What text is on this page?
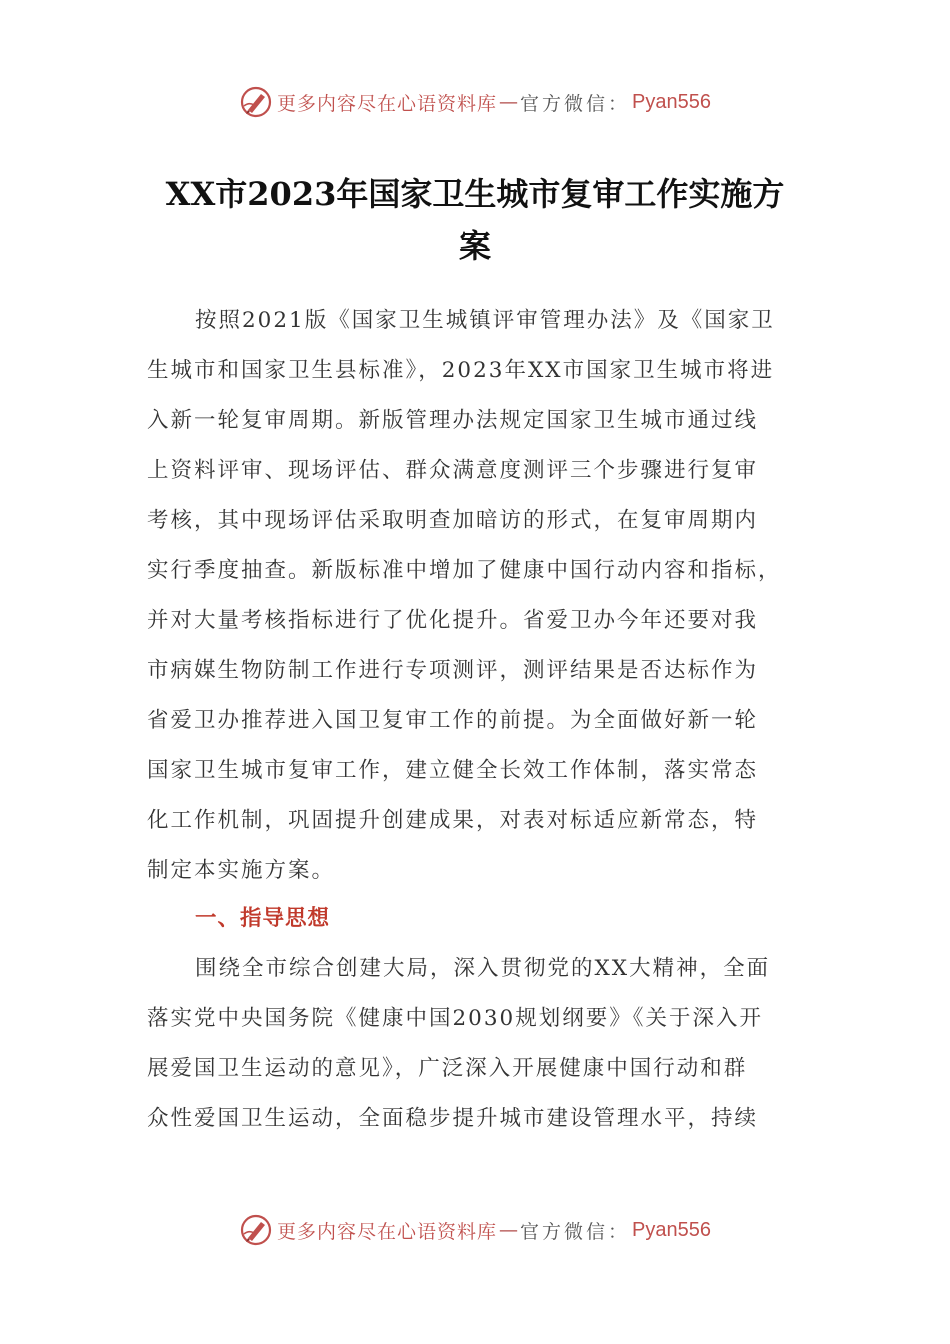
更多内容尽在心语资料库 — 官方微信： Pyan556
XX市2023年国家卫生城市复审工作实施方
案

按照2021版《国家卫生城镇评审管理办法》及《国家卫
生城市和国家卫生县标准》，2023年XX市国家卫生城市将进
入新一轮复审周期。新版管理办法规定国家卫生城市通过线
上资料评审、现场评估、群众满意度测评三个步骤进行复审
考核，其中现场评估采取明查加暗访的形式，在复审周期内
实行季度抽查。新版标准中增加了健康中国行动内容和指标，
并对大量考核指标进行了优化提升。省爱卫办今年还要对我
市病媒生物防制工作进行专项测评，测评结果是否达标作为
省爱卫办推荐进入国卫复审工作的前提。为全面做好新一轮
国家卫生城市复审工作，建立健全长效工作体制，落实常态
化工作机制，巩固提升创建成果，对表对标适应新常态，特
制定本实施方案。

一、指导思想

围绕全市综合创建大局，深入贯彻党的XX大精神，全面
落实党中央国务院《健康中国2030规划纲要》《关于深入开
展爱国卫生运动的意见》，广泛深入开展健康中国行动和群
众性爱国卫生运动，全面稳步提升城市建设管理水平，持续

更多内容尽在心语资料库 — 官方微信： Pyan556
